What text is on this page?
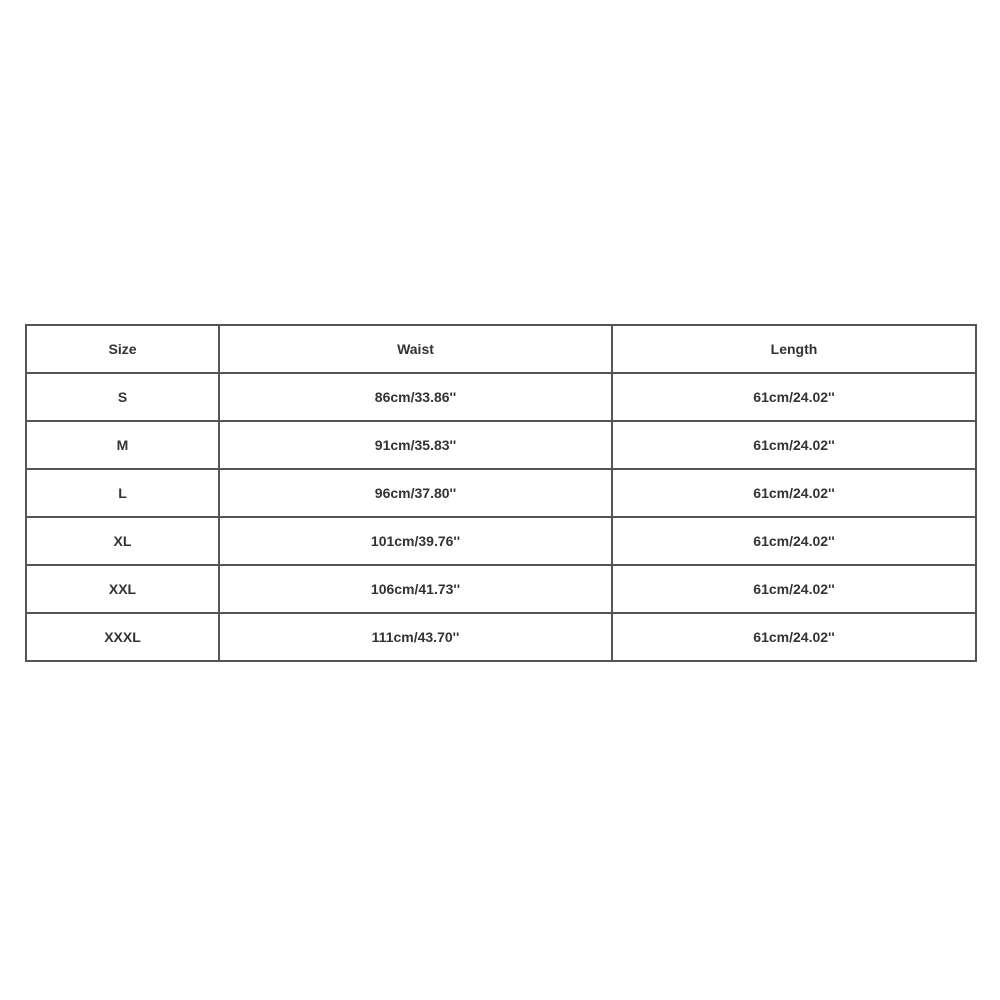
Size	Waist	Length
S	86cm/33.86''	61cm/24.02''
M	91cm/35.83''	61cm/24.02''
L	96cm/37.80''	61cm/24.02''
XL	101cm/39.76''	61cm/24.02''
XXL	106cm/41.73''	61cm/24.02''
XXXL	111cm/43.70''	61cm/24.02''
